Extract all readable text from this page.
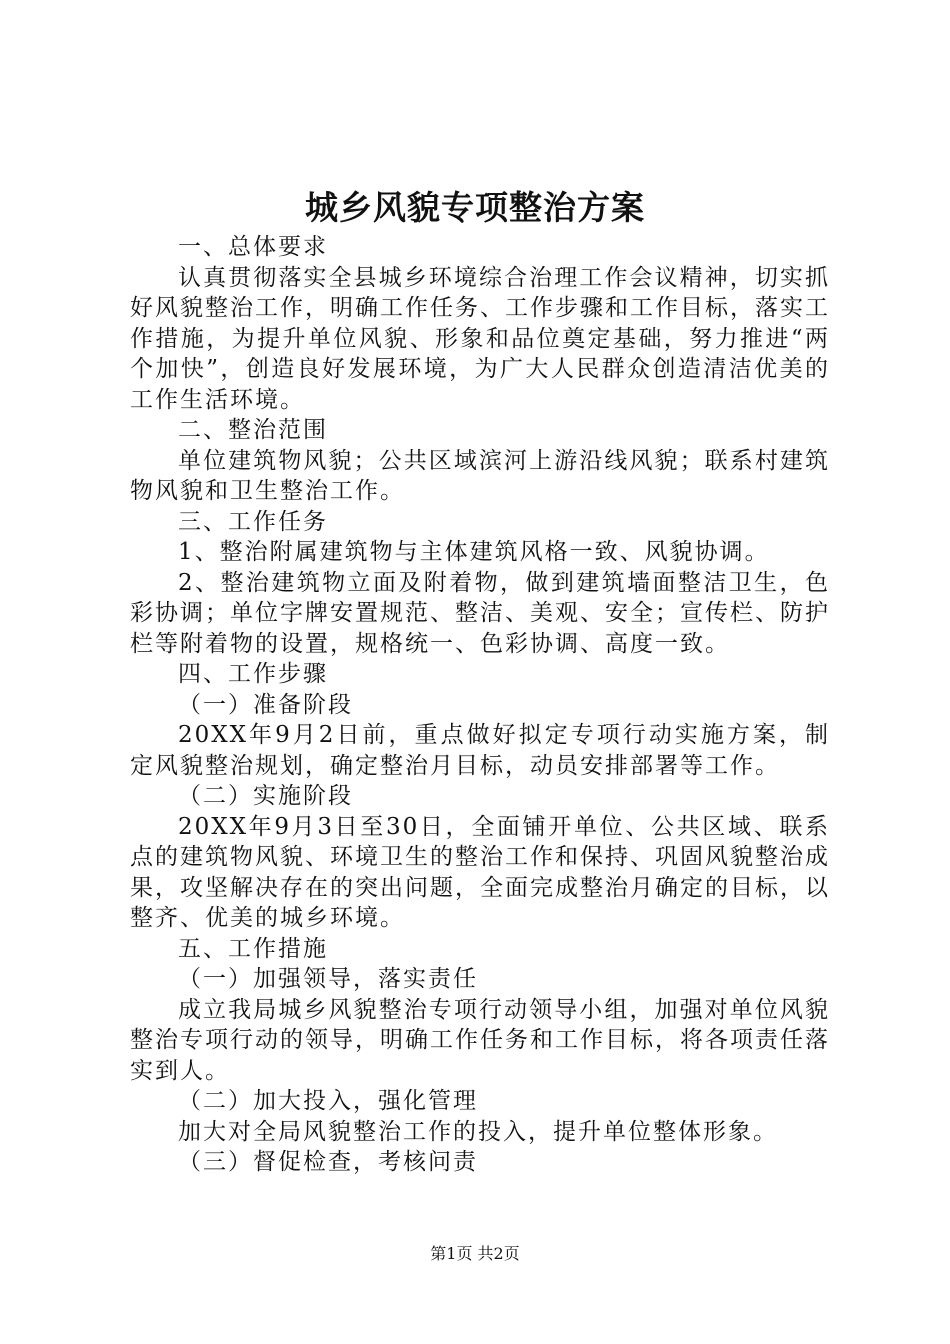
城乡风貌专项整治方案

一、总体要求

认真贯彻落实全县城乡环境综合治理工作会议精神，切实抓好风貌整治工作，明确工作任务、工作步骤和工作目标，落实工作措施，为提升单位风貌、形象和品位奠定基础，努力推进“两个加快”，创造良好发展环境，为广大人民群众创造清洁优美的工作生活环境。

二、整治范围

单位建筑物风貌；公共区域滨河上游沿线风貌；联系村建筑物风貌和卫生整治工作。

三、工作任务

1、整治附属建筑物与主体建筑风格一致、风貌协调。

2、整治建筑物立面及附着物，做到建筑墙面整洁卫生，色彩协调；单位字牌安置规范、整洁、美观、安全；宣传栏、防护栏等附着物的设置，规格统一、色彩协调、高度一致。

四、工作步骤

（一）准备阶段

20XX年9月2日前，重点做好拟定专项行动实施方案，制定风貌整治规划，确定整治月目标，动员安排部署等工作。

（二）实施阶段

20XX年9月3日至30日，全面铺开单位、公共区域、联系点的建筑物风貌、环境卫生的整治工作和保持、巩固风貌整治成果，攻坚解决存在的突出问题，全面完成整治月确定的目标，以整齐、优美的城乡环境。

五、工作措施

（一）加强领导，落实责任

成立我局城乡风貌整治专项行动领导小组，加强对单位风貌整治专项行动的领导，明确工作任务和工作目标，将各项责任落实到人。

（二）加大投入，强化管理

加大对全局风貌整治工作的投入，提升单位整体形象。

（三）督促检查，考核问责

第1页 共2页
